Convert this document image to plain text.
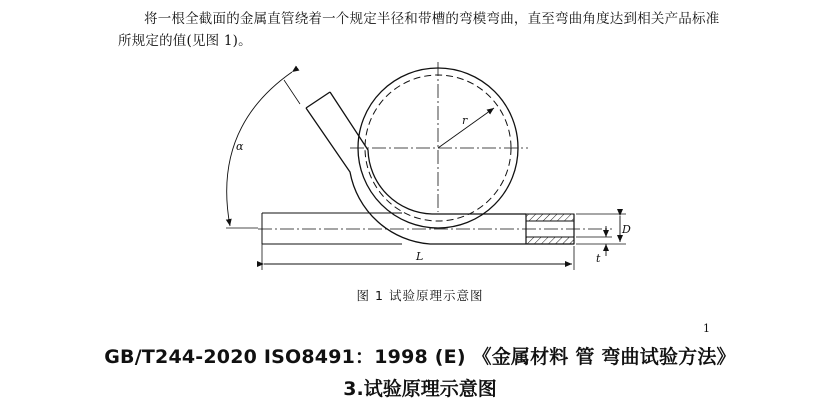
将一根全截面的金属直管绕着一个规定半径和带槽的弯模弯曲，直至弯曲角度达到相关产品标准
所规定的值(见图 1)。
r
D
t
L
α
图 1 试验原理示意图
1
GB/T244-2020 ISO8491：1998 (E) 《金属材料 管 弯曲试验方法》
3.试验原理示意图
